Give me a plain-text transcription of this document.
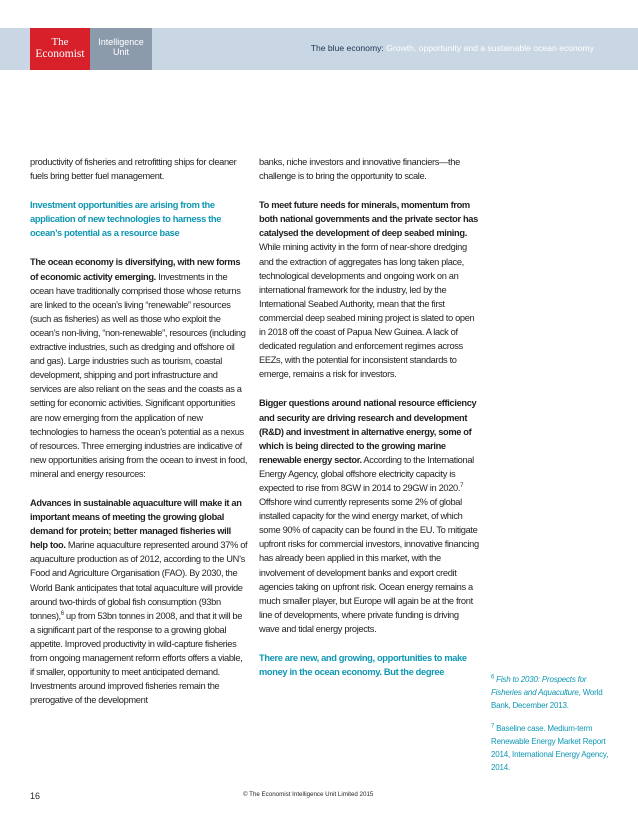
The
Economist
Intelligence
Unit	The blue economy: Growth, opportunity and a sustainable ocean economy

productivity of fisheries and retrofitting ships for cleaner fuels bring better fuel management.

Investment opportunities are arising from the application of new technologies to harness the ocean’s potential as a resource base

The ocean economy is diversifying, with new forms of economic activity emerging. Investments in the ocean have traditionally comprised those whose returns are linked to the ocean’s living “renewable” resources (such as fisheries) as well as those who exploit the ocean’s non-living, “non-renewable”, resources (including extractive industries, such as dredging and offshore oil and gas). Large industries such as tourism, coastal development, shipping and port infrastructure and services are also reliant on the seas and the coasts as a setting for economic activities. Significant opportunities are now emerging from the application of new technologies to harness the ocean’s potential as a nexus of resources. Three emerging industries are indicative of new opportunities arising from the ocean to invest in food, mineral and energy resources:

Advances in sustainable aquaculture will make it an important means of meeting the growing global demand for protein; better managed fisheries will help too. Marine aquaculture represented around 37% of aquaculture production as of 2012, according to the UN’s Food and Agriculture Organisation (FAO). By 2030, the World Bank anticipates that total aquaculture will provide around two-thirds of global fish consumption (93bn tonnes),$^6$ up from 53bn tonnes in 2008, and that it will be a significant part of the response to a growing global appetite. Improved productivity in wild-capture fisheries from ongoing management reform efforts offers a viable, if smaller, opportunity to meet anticipated demand. Investments around improved fisheries remain the prerogative of the development

banks, niche investors and innovative financiers—the challenge is to bring the opportunity to scale.

To meet future needs for minerals, momentum from both national governments and the private sector has catalysed the development of deep seabed mining. While mining activity in the form of near-shore dredging and the extraction of aggregates has long taken place, technological developments and ongoing work on an international framework for the industry, led by the International Seabed Authority, mean that the first commercial deep seabed mining project is slated to open in 2018 off the coast of Papua New Guinea. A lack of dedicated regulation and enforcement regimes across EEZs, with the potential for inconsistent standards to emerge, remains a risk for investors.

Bigger questions around national resource efficiency and security are driving research and development (R&D) and investment in alternative energy, some of which is being directed to the growing marine renewable energy sector. According to the International Energy Agency, global offshore electricity capacity is expected to rise from 8GW in 2014 to 29GW in 2020.$^7$ Offshore wind currently represents some 2% of global installed capacity for the wind energy market, of which some 90% of capacity can be found in the EU. To mitigate upfront risks for commercial investors, innovative financing has already been applied in this market, with the involvement of development banks and export credit agencies taking on upfront risk. Ocean energy remains a much smaller player, but Europe will again be at the front line of developments, where private funding is driving wave and tidal energy projects.

There are new, and growing, opportunities to make money in the ocean economy. But the degree

$^6$ Fish to 2030: Prospects for Fisheries and Aquaculture, World Bank, December 2013.

$^7$ Baseline case. Medium-term Renewable Energy Market Report 2014, International Energy Agency, 2014.

16	© The Economist Intelligence Unit Limited 2015
